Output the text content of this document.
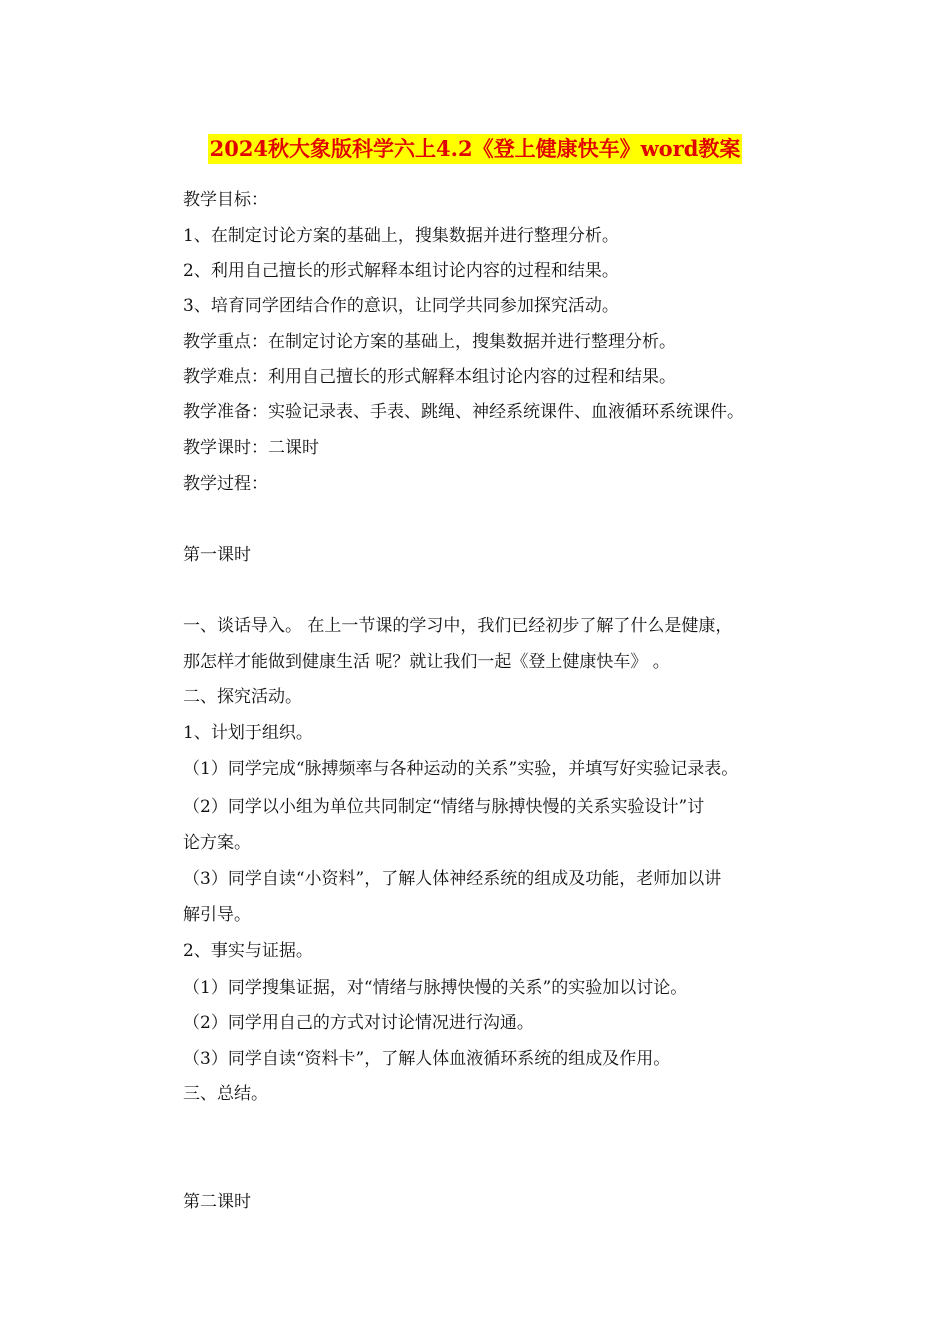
2024秋大象版科学六上4.2《登上健康快车》word教案
教学目标：
1、在制定讨论方案的基础上，搜集数据并进行整理分析。
2、利用自己擅长的形式解释本组讨论内容的过程和结果。
3、培育同学团结合作的意识，让同学共同参加探究活动。
教学重点：在制定讨论方案的基础上，搜集数据并进行整理分析。
教学难点：利用自己擅长的形式解释本组讨论内容的过程和结果。
教学准备：实验记录表、手表、跳绳、神经系统课件、血液循环系统课件。
教学课时：二课时
教学过程：
第一课时
一、谈话导入。 在上一节课的学习中，我们已经初步了解了什么是健康，
那怎样才能做到健康生活 呢？就让我们一起《登上健康快车》 。
二、探究活动。
1、计划于组织。
（1）同学完成“脉搏频率与各种运动的关系”实验，并填写好实验记录表。
（2）同学以小组为单位共同制定“情绪与脉搏快慢的关系实验设计”讨
论方案。
（3）同学自读“小资料”，了解人体神经系统的组成及功能，老师加以讲
解引导。
2、事实与证据。
（1）同学搜集证据，对“情绪与脉搏快慢的关系”的实验加以讨论。
（2）同学用自己的方式对讨论情况进行沟通。
（3）同学自读“资料卡”，了解人体血液循环系统的组成及作用。
三、总结。
第二课时
